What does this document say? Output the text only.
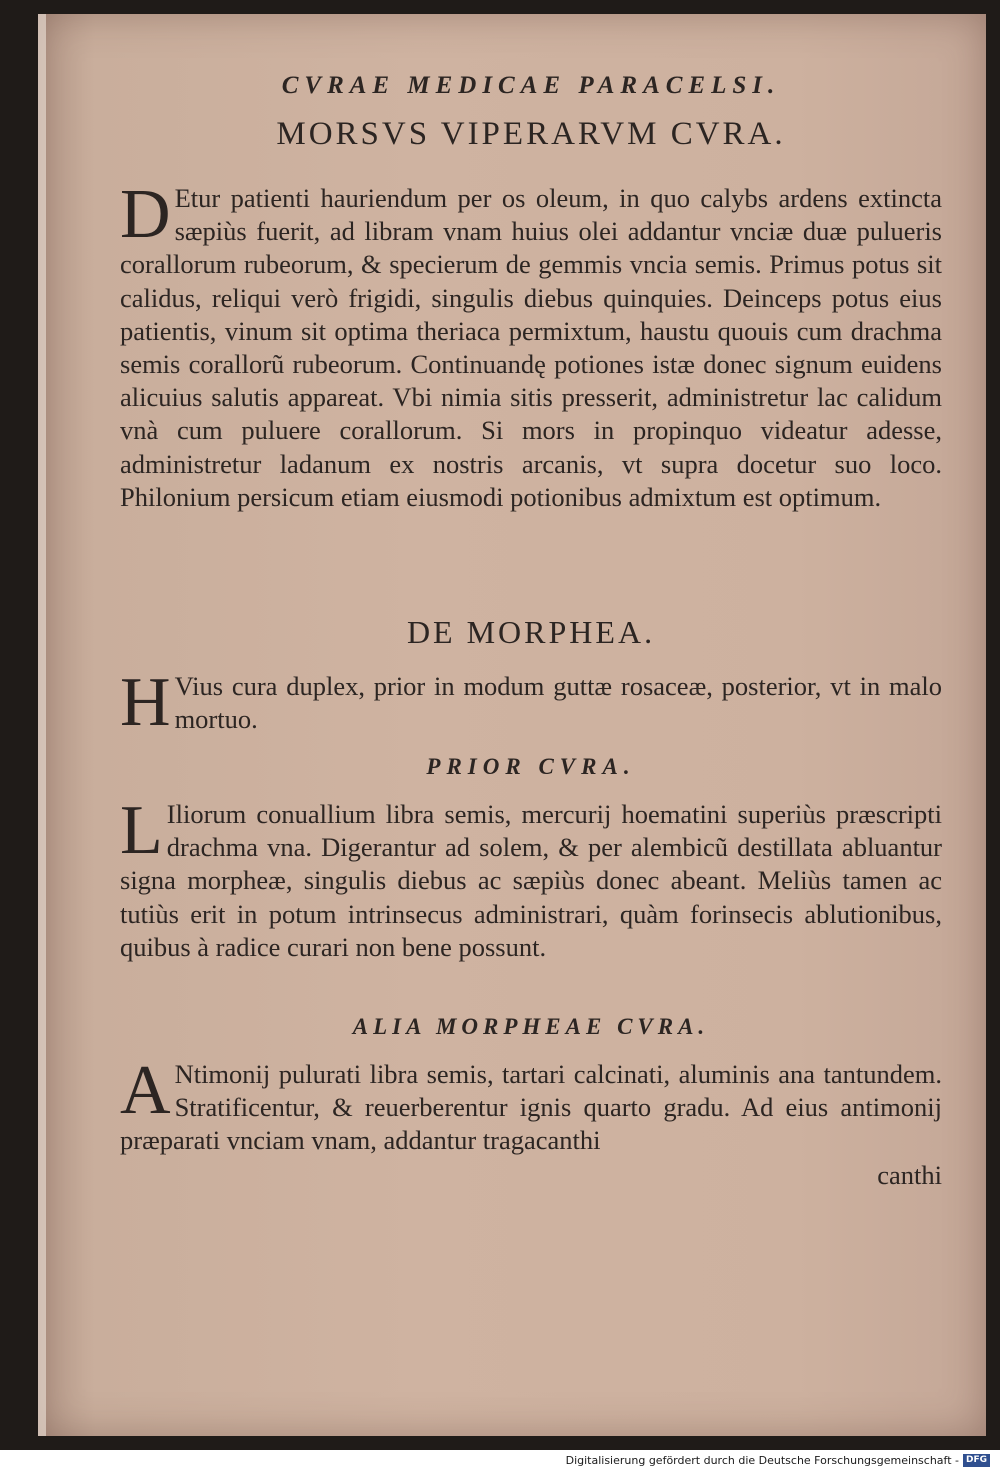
CVRAE MEDICAE PARACELSI.
MORSVS VIPERARVM CVRA.
D Etur patienti hauriendum per os oleum, in quo calybs ardens extincta sæpiùs fuerit, ad libram vnam huius olei addantur vnciæ duæ pulueris corallorum rubeorum, & specierum de gemmis vncia semis. Primus potus sit calidus, reliqui verò frigidi, singulis diebus quinquies. Deinceps potus eius patientis, vinum sit optima theriaca permixtum, haustu quouis cum drachma semis corallorũ rubeorum. Continuandę potiones istæ donec signum euidens alicuius salutis appareat. Vbi nimia sitis presserit, administretur lac calidum vnà cum puluere corallorum. Si mors in propinquo videatur adesse, administretur ladanum ex nostris arcanis, vt supra docetur suo loco. Philonium persicum etiam eiusmodi potionibus admixtum est optimum.
DE MORPHEA.
H Vius cura duplex, prior in modum guttæ rosaceæ, posterior, vt in malo mortuo.
PRIOR CVRA.
L Iliorum conuallium libra semis, mercurij hoematini superiùs præscripti drachma vna. Digerantur ad solem, & per alembicũ destillata abluantur signa morpheæ, singulis diebus ac sæpiùs donec abeant. Meliùs tamen ac tutiùs erit in potum intrinsecus administrari, quàm forinsecis ablutionibus, quibus à radice curari non bene possunt.
ALIA MORPHEAE CVRA.
A Ntimonij pulurati libra semis, tartari calcinati, aluminis ana tantundem. Stratificentur, & reuerberentur ignis quarto gradu. Ad eius antimonij præparati vnciam vnam, addantur tragacanthi
canthi
Digitalisierung gefördert durch die Deutsche Forschungsgemeinschaft - DFG
